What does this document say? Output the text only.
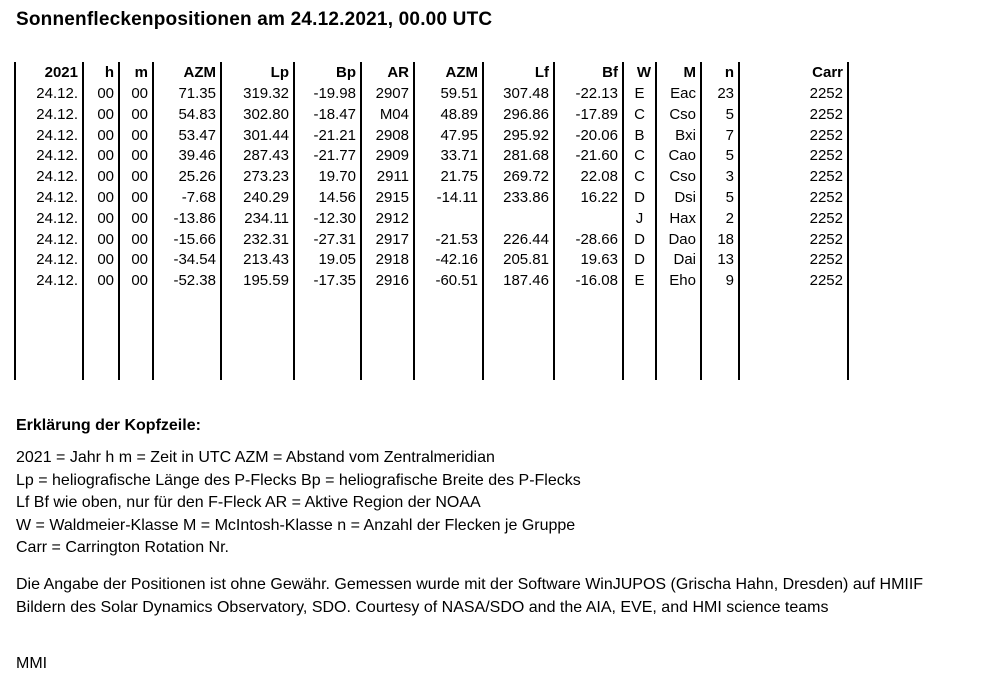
Sonnenfleckenpositionen am 24.12.2021, 00.00 UTC
2021	h	m	AZM	Lp	Bp	AR	AZM	Lf	Bf	W	M	n	Carr
24.12.	00	00	71.35	319.32	-19.98	2907	59.51	307.48	-22.13	E	Eac	23	2252
24.12.	00	00	54.83	302.80	-18.47	M04	48.89	296.86	-17.89	C	Cso	5	2252
24.12.	00	00	53.47	301.44	-21.21	2908	47.95	295.92	-20.06	B	Bxi	7	2252
24.12.	00	00	39.46	287.43	-21.77	2909	33.71	281.68	-21.60	C	Cao	5	2252
24.12.	00	00	25.26	273.23	19.70	2911	21.75	269.72	22.08	C	Cso	3	2252
24.12.	00	00	-7.68	240.29	14.56	2915	-14.11	233.86	16.22	D	Dsi	5	2252
24.12.	00	00	-13.86	234.11	-12.30	2912				J	Hax	2	2252
24.12.	00	00	-15.66	232.31	-27.31	2917	-21.53	226.44	-28.66	D	Dao	18	2252
24.12.	00	00	-34.54	213.43	19.05	2918	-42.16	205.81	19.63	D	Dai	13	2252
24.12.	00	00	-52.38	195.59	-17.35	2916	-60.51	187.46	-16.08	E	Eho	9	2252

Erklärung der Kopfzeile:
2021 = Jahr h m = Zeit in UTC AZM = Abstand vom Zentralmeridian
Lp = heliografische Länge des P-Flecks Bp = heliografische Breite des P-Flecks
Lf Bf wie oben, nur für den F-Fleck AR = Aktive Region der NOAA
W = Waldmeier-Klasse M = McIntosh-Klasse n = Anzahl der Flecken je Gruppe
Carr = Carrington Rotation Nr.
Die Angabe der Positionen ist ohne Gewähr. Gemessen wurde mit der Software WinJUPOS (Grischa Hahn, Dresden) auf HMIIF Bildern des Solar Dynamics Observatory, SDO. Courtesy of NASA/SDO and the AIA, EVE, and HMI science teams
MMI
